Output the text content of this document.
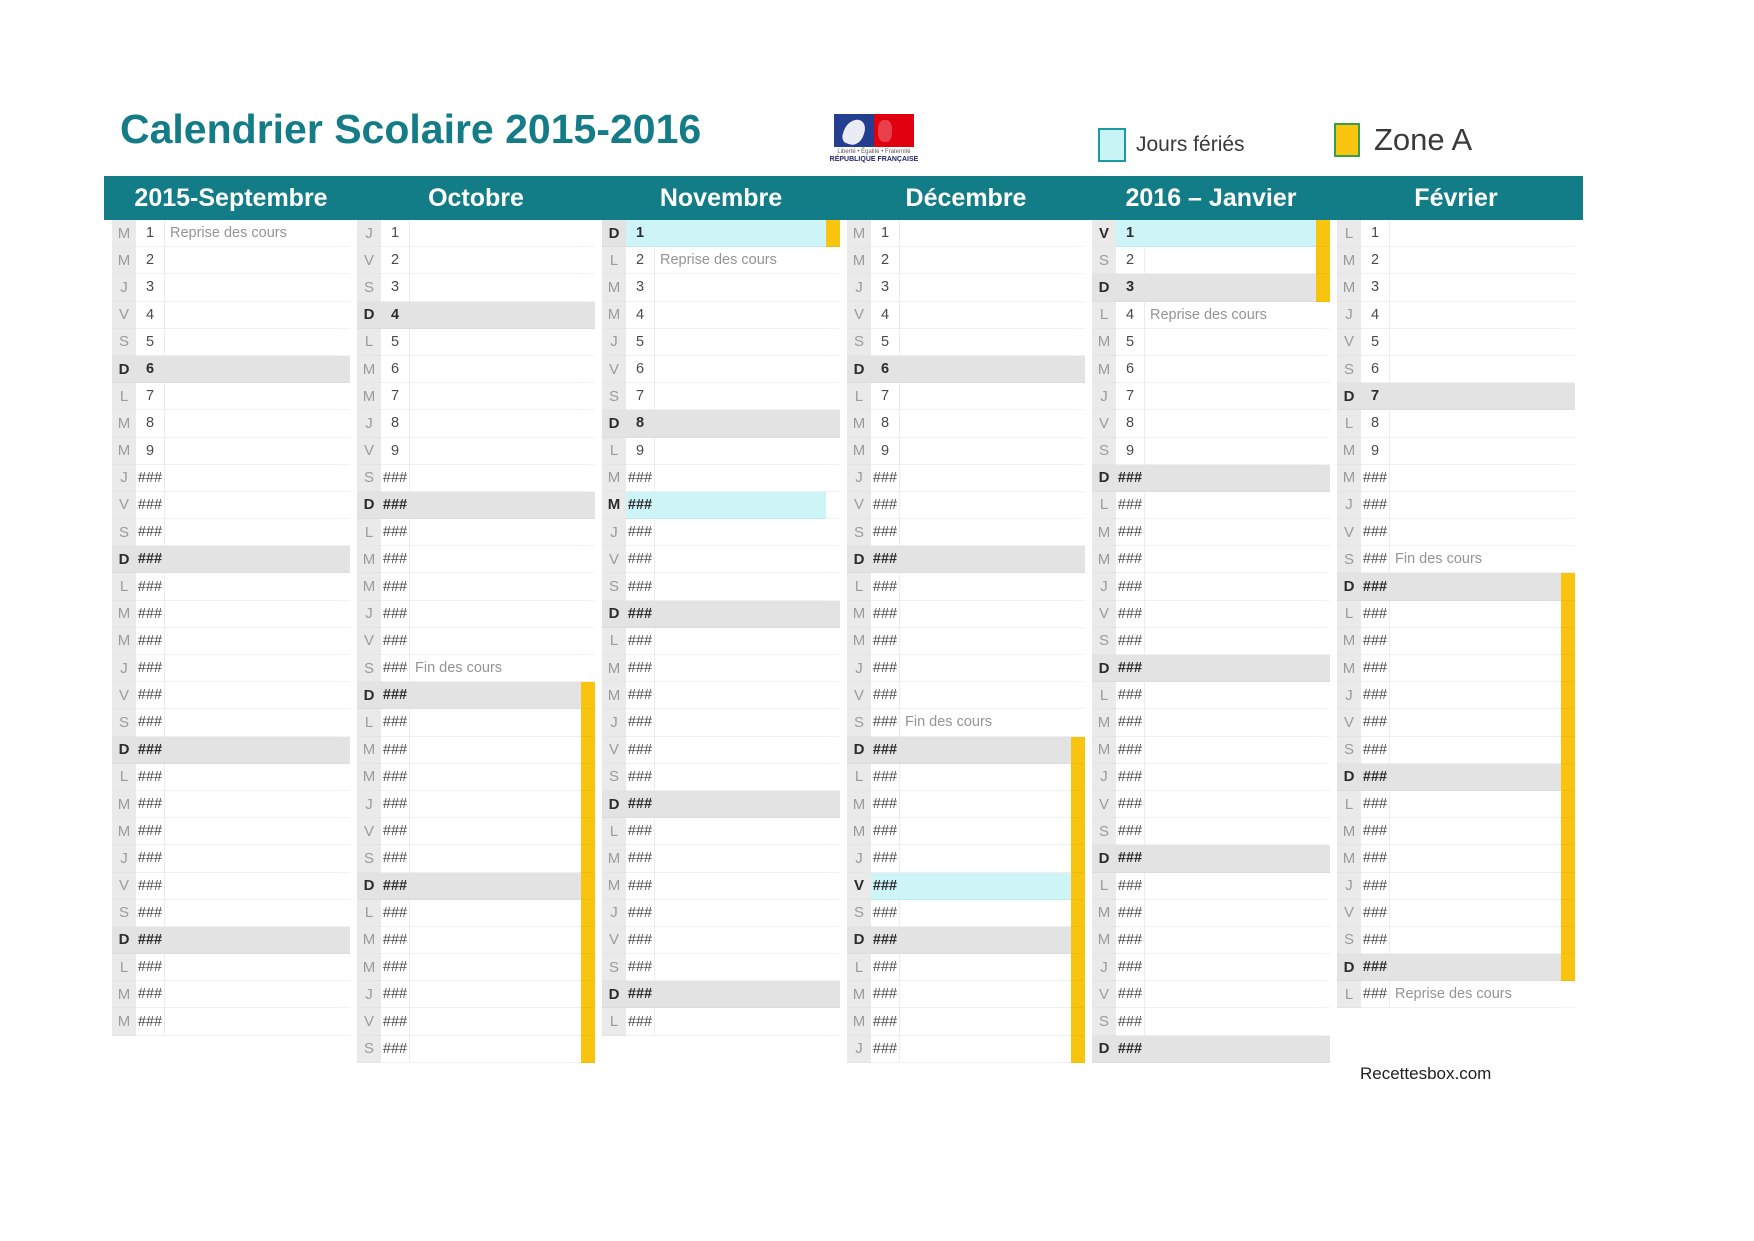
Calendrier Scolaire 2015-2016	Liberté • Égalité • Fraternité
RÉPUBLIQUE FRANÇAISE
Jours fériés	Zone A
2015-Septembre
M	1	Reprise des cours
M	2
J	3
V	4
S	5
D	6
L	7
M	8
M	9
J ###
V ###
S ###
D ###
L ###
M ###
M ###
J ###
V ###
S ###
D ###
L ###
M ###
M ###
J ###
V ###
S ###
D ###
L ###
M ###
M ###
Octobre
J	1
V	2
S	3
D	4
L	5
M	6
M	7
J	8
V	9
S ###
D ###
L ###
M ###
M ###
J ###
V ###
S ### Fin des cours
D ###
L ###
M ###
M ###
J ###
V ###
S ###
D ###
L ###
M ###
M ###
J ###
V ###
S ###
Novembre
D	1
L	2	Reprise des cours
M	3
M	4
J	5
V	6
S	7
D	8
L	9
M ###
M ###
J ###
V ###
S ###
D ###
L ###
M ###
M ###
J ###
V ###
S ###
D ###
L ###
M ###
M ###
J ###
V ###
S ###
D ###
L ###
Décembre
M	1
M	2
J	3
V	4
S	5
D	6
L	7
M	8
M	9
J ###
V ###
S ###
D ###
L ###
M ###
M ###
J ###
V ###
S ### Fin des cours
D ###
L ###
M ###
M ###
J ###
V ###
S ###
D ###
L ###
M ###
M ###
J ###
2016 – Janvier
V	1
S	2
D	3
L	4	Reprise des cours
M	5
M	6
J	7
V	8
S	9
D ###
L ###
M ###
M ###
J ###
V ###
S ###
D ###
L ###
M ###
M ###
J ###
V ###
S ###
D ###
L ###
M ###
M ###
J ###
V ###
S ###
D ###
Février
L	1
M	2
M	3
J	4
V	5
S	6
D	7
L	8
M	9
M ###
J ###
V ###
S ### Fin des cours
D ###
L ###
M ###
M ###
J ###
V ###
S ###
D ###
L ###
M ###
M ###
J ###
V ###
S ###
D ###
L ### Reprise des cours
Recettesbox.com
